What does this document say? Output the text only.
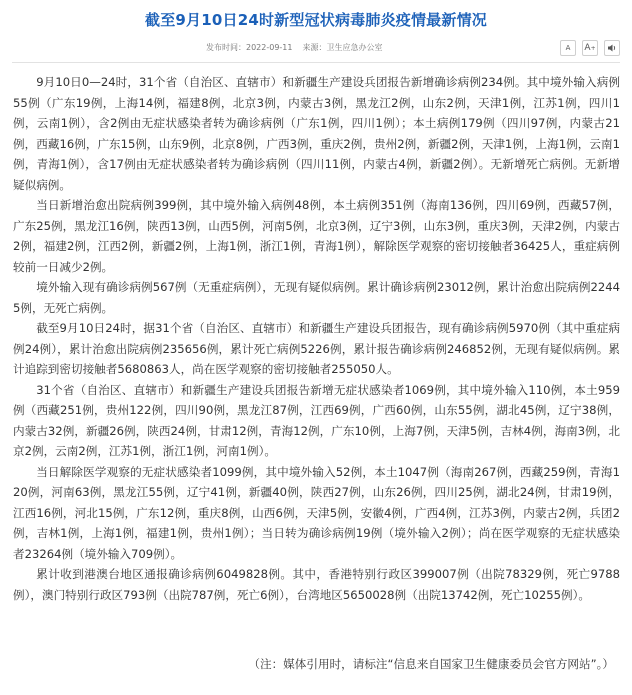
截至9月10日24时新型冠状病毒肺炎疫情最新情况
发布时间：2022-09-11 来源：卫生应急办公室	A A +

9月10日0—24时，31个省（自治区、直辖市）和新疆生产建设兵团报告新增确诊病例234例。其中境外输入病例55例（广东19例，上海14例，福建8例，北京3例，内蒙古3例，黑龙江2例，山东2例，天津1例，江苏1例，四川1例，云南1例），含2例由无症状感染者转为确诊病例（广东1例，四川1例）；本土病例179例（四川97例，内蒙古21例，西藏16例，广东15例，山东9例，北京8例，广西3例，重庆2例，贵州2例，新疆2例，天津1例，上海1例，云南1例，青海1例），含17例由无症状感染者转为确诊病例（四川11例，内蒙古4例，新疆2例）。无新增死亡病例。无新增疑似病例。

当日新增治愈出院病例399例，其中境外输入病例48例，本土病例351例（海南136例，四川69例，西藏57例，广东25例，黑龙江16例，陕西13例，山西5例，河南5例，北京3例，辽宁3例，山东3例，重庆3例，天津2例，内蒙古2例，福建2例，江西2例，新疆2例，上海1例，浙江1例，青海1例），解除医学观察的密切接触者36425人，重症病例较前一日减少2例。

境外输入现有确诊病例567例（无重症病例），无现有疑似病例。累计确诊病例23012例，累计治愈出院病例22445例，无死亡病例。

截至9月10日24时，据31个省（自治区、直辖市）和新疆生产建设兵团报告，现有确诊病例5970例（其中重症病例24例），累计治愈出院病例235656例，累计死亡病例5226例，累计报告确诊病例246852例，无现有疑似病例。累计追踪到密切接触者5680863人，尚在医学观察的密切接触者255050人。

31个省（自治区、直辖市）和新疆生产建设兵团报告新增无症状感染者1069例，其中境外输入110例，本土959例（西藏251例，贵州122例，四川90例，黑龙江87例，江西69例，广西60例，山东55例，湖北45例，辽宁38例，内蒙古32例，新疆26例，陕西24例，甘肃12例，青海12例，广东10例，上海7例，天津5例，吉林4例，海南3例，北京2例，云南2例，江苏1例，浙江1例，河南1例）。

当日解除医学观察的无症状感染者1099例，其中境外输入52例，本土1047例（海南267例，西藏259例，青海120例，河南63例，黑龙江55例，辽宁41例，新疆40例，陕西27例，山东26例，四川25例，湖北24例，甘肃19例，江西16例，河北15例，广东12例，重庆8例，山西6例，天津5例，安徽4例，广西4例，江苏3例，内蒙古2例，兵团2例，吉林1例，上海1例，福建1例，贵州1例）；当日转为确诊病例19例（境外输入2例）；尚在医学观察的无症状感染者23264例（境外输入709例）。

累计收到港澳台地区通报确诊病例6049828例。其中，香港特别行政区399007例（出院78329例，死亡9788例），澳门特别行政区793例（出院787例，死亡6例），台湾地区5650028例（出院13742例，死亡10255例）。

（注：媒体引用时，请标注“信息来自国家卫生健康委员会官方网站”。）
